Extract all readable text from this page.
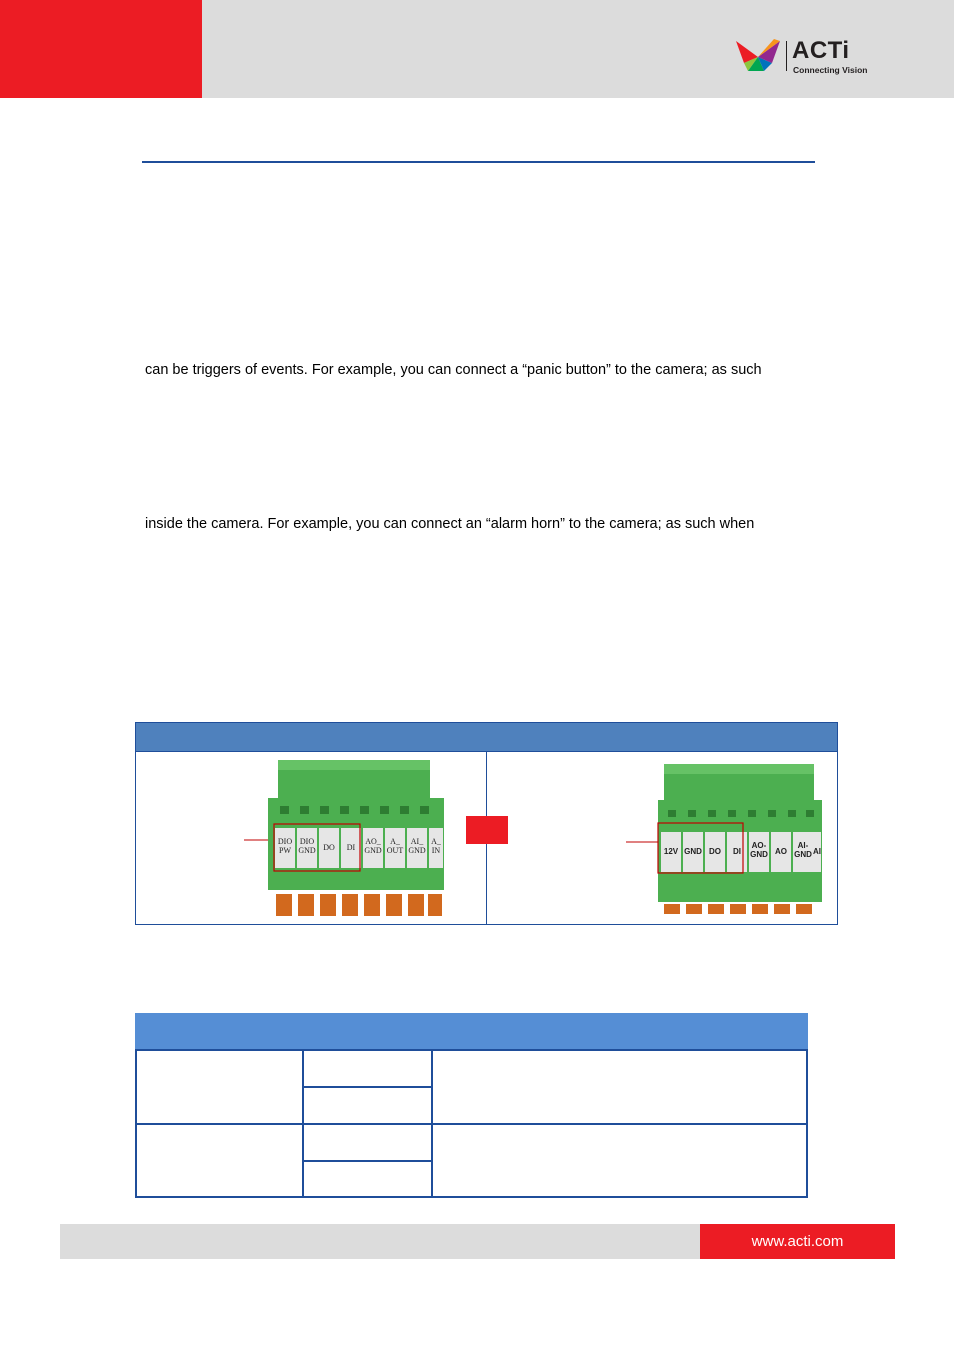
ACTi
Connecting Vision
can be triggers of events. For example, you can connect a “panic button” to the camera; as such
inside the camera. For example, you can connect an “alarm horn” to the camera; as such when
DIO PW
DIO GND DO DI
AO_ GND
A_ OUT
AI_ GND
A_ IN	12V GND DO DI
AO-GND AO
AI-GND AI
www.acti.com
